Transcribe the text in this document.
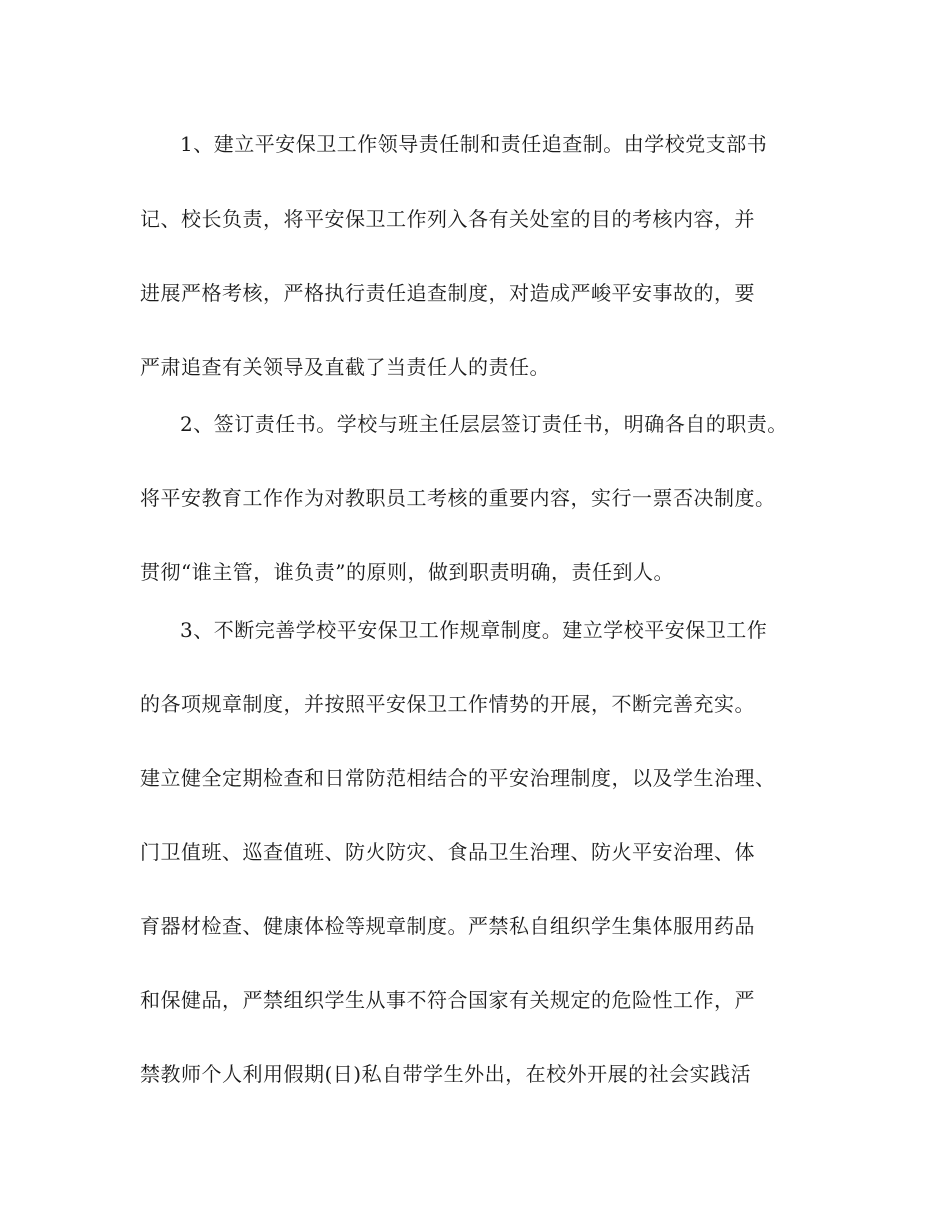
1、建立平安保卫工作领导责任制和责任追查制。由学校党支部书
记、校长负责，将平安保卫工作列入各有关处室的目的考核内容，并
进展严格考核，严格执行责任追查制度，对造成严峻平安事故的，要
严肃追查有关领导及直截了当责任人的责任。
2、签订责任书。学校与班主任层层签订责任书，明确各自的职责。
将平安教育工作作为对教职员工考核的重要内容，实行一票否决制度。
贯彻“谁主管，谁负责”的原则，做到职责明确，责任到人。
3、不断完善学校平安保卫工作规章制度。建立学校平安保卫工作
的各项规章制度，并按照平安保卫工作情势的开展，不断完善充实。
建立健全定期检查和日常防范相结合的平安治理制度，以及学生治理、
门卫值班、巡查值班、防火防灾、食品卫生治理、防火平安治理、体
育器材检查、健康体检等规章制度。严禁私自组织学生集体服用药品
和保健品，严禁组织学生从事不符合国家有关规定的危险性工作，严
禁教师个人利用假期(日)私自带学生外出，在校外开展的社会实践活
